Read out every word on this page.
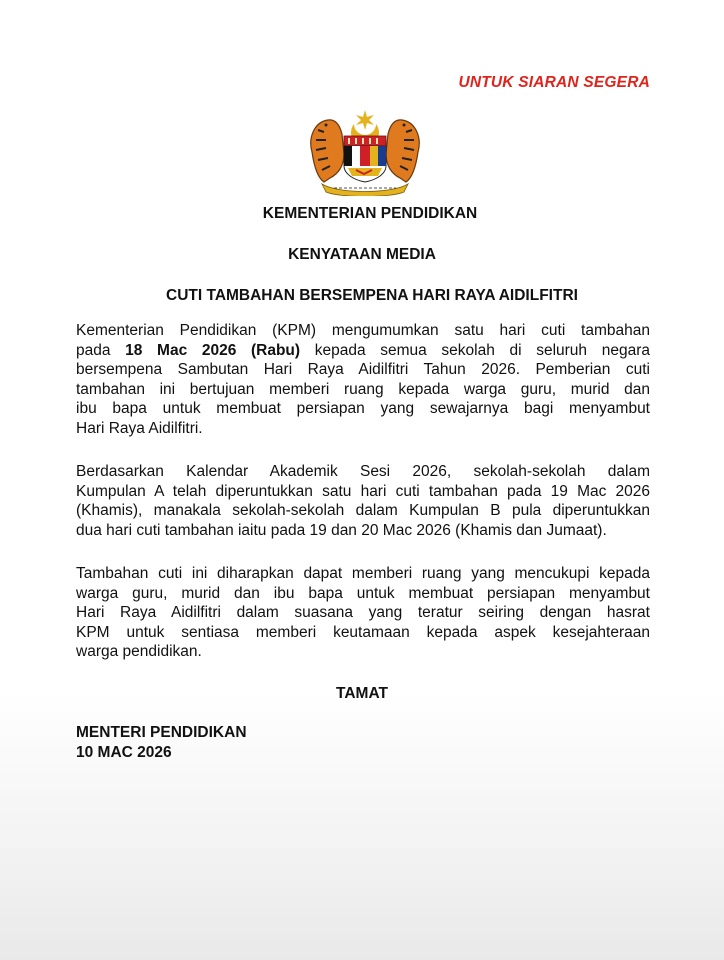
UNTUK SIARAN SEGERA
KEMENTERIAN PENDIDIKAN
KENYATAAN MEDIA
CUTI TAMBAHAN BERSEMPENA HARI RAYA AIDILFITRI
Kementerian Pendidikan (KPM) mengumumkan satu hari cuti tambahan
pada 18 Mac 2026 (Rabu) kepada semua sekolah di seluruh negara
bersempena Sambutan Hari Raya Aidilfitri Tahun 2026. Pemberian cuti
tambahan ini bertujuan memberi ruang kepada warga guru, murid dan
ibu bapa untuk membuat persiapan yang sewajarnya bagi menyambut
Hari Raya Aidilfitri.
Berdasarkan Kalendar Akademik Sesi 2026, sekolah-sekolah dalam
Kumpulan A telah diperuntukkan satu hari cuti tambahan pada 19 Mac 2026
(Khamis), manakala sekolah-sekolah dalam Kumpulan B pula diperuntukkan
dua hari cuti tambahan iaitu pada 19 dan 20 Mac 2026 (Khamis dan Jumaat).
Tambahan cuti ini diharapkan dapat memberi ruang yang mencukupi kepada
warga guru, murid dan ibu bapa untuk membuat persiapan menyambut
Hari Raya Aidilfitri dalam suasana yang teratur seiring dengan hasrat
KPM untuk sentiasa memberi keutamaan kepada aspek kesejahteraan
warga pendidikan.
TAMAT
MENTERI PENDIDIKAN
10 MAC 2026
